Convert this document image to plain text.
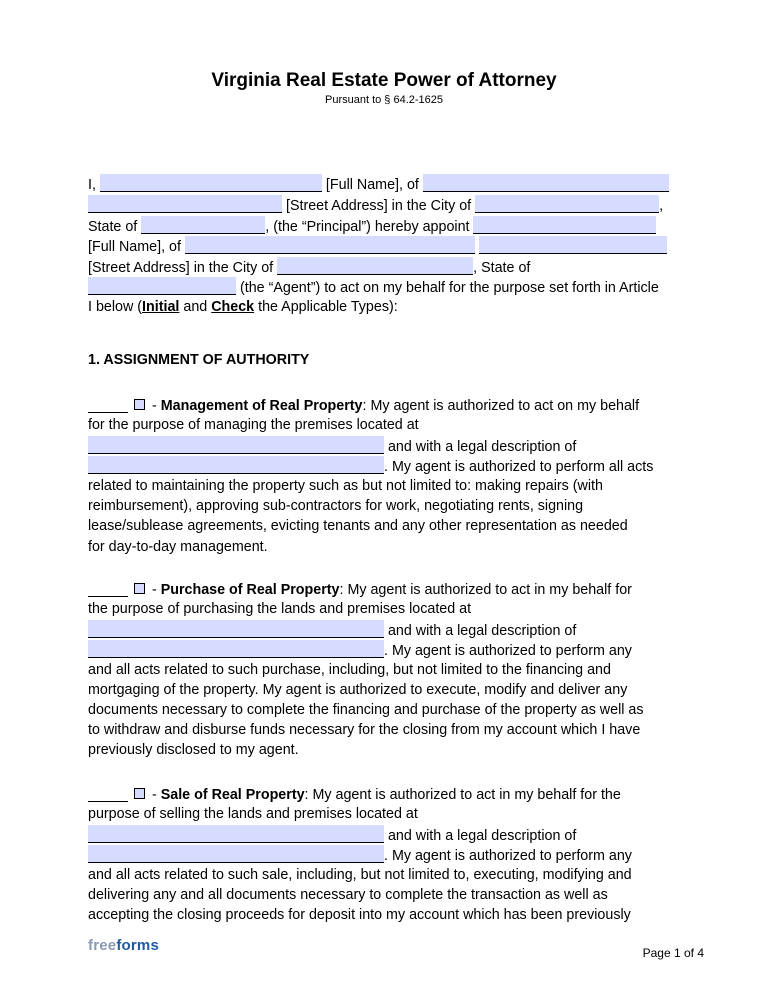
Virginia Real Estate Power of Attorney
Pursuant to § 64.2-1625
I,	[Full Name], of
[Street Address] in the City of	,
State of	, (the “Principal”) hereby appoint
[Full Name], of
[Street Address] in the City of	, State of
(the “Agent”) to act on my behalf for the purpose set forth in Article
I below (Initial and Check the Applicable Types):
1. ASSIGNMENT OF AUTHORITY
- Management of Real Property: My agent is authorized to act on my behalf
for the purpose of managing the premises located at
and with a legal description of
. My agent is authorized to perform all acts
related to maintaining the property such as but not limited to: making repairs (with
reimbursement), approving sub-contractors for work, negotiating rents, signing
lease/sublease agreements, evicting tenants and any other representation as needed
for day-to-day management.
- Purchase of Real Property: My agent is authorized to act in my behalf for
the purpose of purchasing the lands and premises located at
and with a legal description of
. My agent is authorized to perform any
and all acts related to such purchase, including, but not limited to the financing and
mortgaging of the property. My agent is authorized to execute, modify and deliver any
documents necessary to complete the financing and purchase of the property as well as
to withdraw and disburse funds necessary for the closing from my account which I have
previously disclosed to my agent.
- Sale of Real Property: My agent is authorized to act in my behalf for the
purpose of selling the lands and premises located at
and with a legal description of
. My agent is authorized to perform any
and all acts related to such sale, including, but not limited to, executing, modifying and
delivering any and all documents necessary to complete the transaction as well as
accepting the closing proceeds for deposit into my account which has been previously
freeforms	Page 1 of 4
